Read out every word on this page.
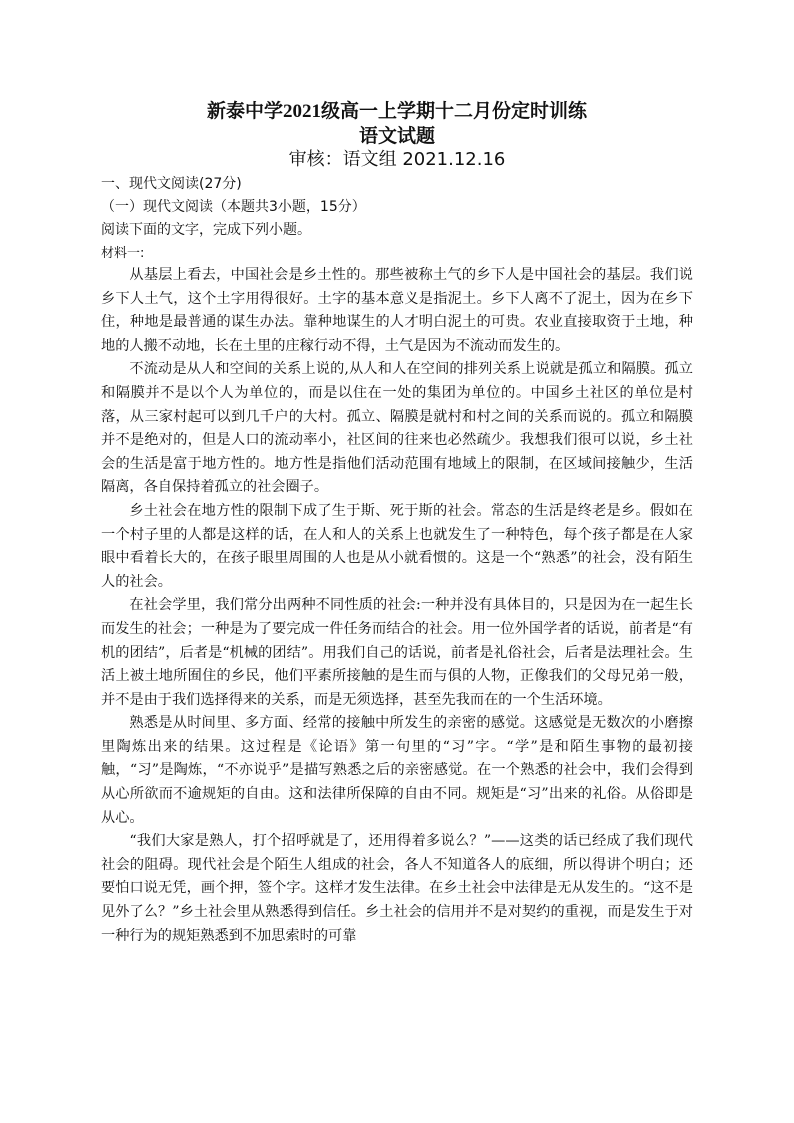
新泰中学2021级高一上学期十二月份定时训练
语文试题
审核：语文组 2021.12.16
一、现代文阅读(27分)
（一）现代文阅读（本题共3小题，15分）
阅读下面的文字，完成下列小题。
材料一:

从基层上看去，中国社会是乡土性的。那些被称土气的乡下人是中国社会的基层。我们说乡下人土气，这个土字用得很好。土字的基本意义是指泥土。乡下人离不了泥土，因为在乡下住，种地是最普通的谋生办法。靠种地谋生的人才明白泥土的可贵。农业直接取资于土地，种地的人搬不动地，长在土里的庄稼行动不得，土气是因为不流动而发生的。

不流动是从人和空间的关系上说的,从人和人在空间的排列关系上说就是孤立和隔膜。孤立和隔膜并不是以个人为单位的，而是以住在一处的集团为单位的。中国乡土社区的单位是村落，从三家村起可以到几千户的大村。孤立、隔膜是就村和村之间的关系而说的。孤立和隔膜并不是绝对的，但是人口的流动率小，社区间的往来也必然疏少。我想我们很可以说，乡土社会的生活是富于地方性的。地方性是指他们活动范围有地域上的限制，在区域间接触少，生活隔离，各自保持着孤立的社会圈子。

乡土社会在地方性的限制下成了生于斯、死于斯的社会。常态的生活是终老是乡。假如在一个村子里的人都是这样的话，在人和人的关系上也就发生了一种特色，每个孩子都是在人家眼中看着长大的，在孩子眼里周围的人也是从小就看惯的。这是一个“熟悉”的社会，没有陌生人的社会。

在社会学里，我们常分出两种不同性质的社会:一种并没有具体目的，只是因为在一起生长而发生的社会；一种是为了要完成一件任务而结合的社会。用一位外国学者的话说，前者是“有机的团结”，后者是“机械的团结”。用我们自己的话说，前者是礼俗社会，后者是法理社会。生活上被土地所囿住的乡民，他们平素所接触的是生而与俱的人物，正像我们的父母兄弟一般，并不是由于我们选择得来的关系，而是无须选择，甚至先我而在的一个生活环境。

熟悉是从时间里、多方面、经常的接触中所发生的亲密的感觉。这感觉是无数次的小磨擦里陶炼出来的结果。这过程是《论语》第一句里的“习”字。“学”是和陌生事物的最初接触，“习”是陶炼，“不亦说乎”是描写熟悉之后的亲密感觉。在一个熟悉的社会中，我们会得到从心所欲而不逾规矩的自由。这和法律所保障的自由不同。规矩是“习”出来的礼俗。从俗即是从心。

“我们大家是熟人，打个招呼就是了，还用得着多说么？”——这类的话已经成了我们现代社会的阻碍。现代社会是个陌生人组成的社会，各人不知道各人的底细，所以得讲个明白；还要怕口说无凭，画个押，签个字。这样才发生法律。在乡土社会中法律是无从发生的。“这不是见外了么？”乡土社会里从熟悉得到信任。乡土社会的信用并不是对契约的重视，而是发生于对一种行为的规矩熟悉到不加思索时的可靠
